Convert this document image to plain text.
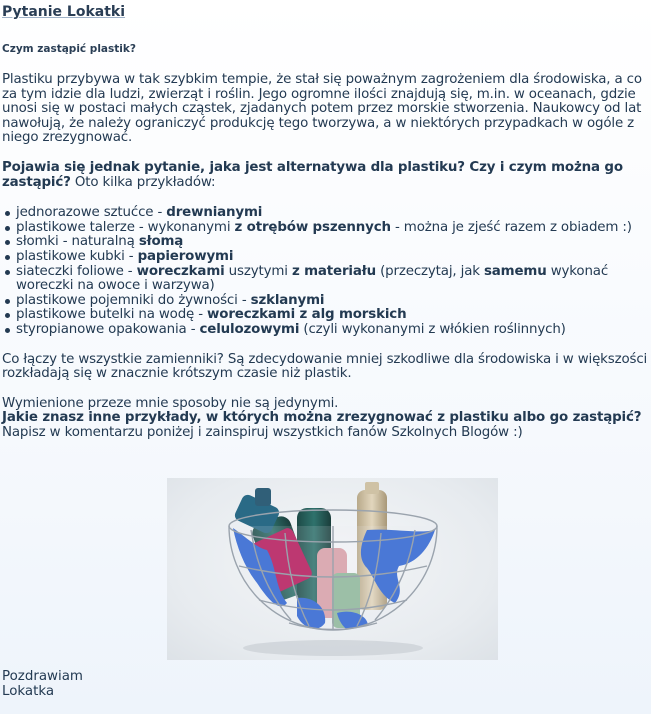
Pytanie Lokatki
Czym zastąpić plastik?

Plastiku przybywa w tak szybkim tempie, że stał się poważnym zagrożeniem dla środowiska, a co za tym idzie dla ludzi, zwierząt i roślin. Jego ogromne ilości znajdują się, m.in. w oceanach, gdzie unosi się w postaci małych cząstek, zjadanych potem przez morskie stworzenia. Naukowcy od lat nawołują, że należy ograniczyć produkcję tego tworzywa, a w niektórych przypadkach w ogóle z niego zrezygnować.

Pojawia się jednak pytanie, jaka jest alternatywa dla plastiku? Czy i czym można go zastąpić? Oto kilka przykładów:

jednorazowe sztućce - drewnianymi
plastikowe talerze - wykonanymi z otrębów pszennych - można je zjeść razem z obiadem :)
słomki - naturalną słomą
plastikowe kubki - papierowymi
siateczki foliowe - woreczkami uszytymi z materiału (przeczytaj, jak samemu wykonać woreczki na owoce i warzywa)
plastikowe pojemniki do żywności - szklanymi
plastikowe butelki na wodę - woreczkami z alg morskich
styropianowe opakowania - celulozowymi (czyli wykonanymi z włókien roślinnych)

Co łączy te wszystkie zamienniki? Są zdecydowanie mniej szkodliwe dla środowiska i w większości rozkładają się w znacznie krótszym czasie niż plastik.

Wymienione przeze mnie sposoby nie są jedynymi.
Jakie znasz inne przykłady, w których można zrezygnować z plastiku albo go zastąpić?
Napisz w komentarzu poniżej i zainspiruj wszystkich fanów Szkolnych Blogów :)

Pozdrawiam
Lokatka
